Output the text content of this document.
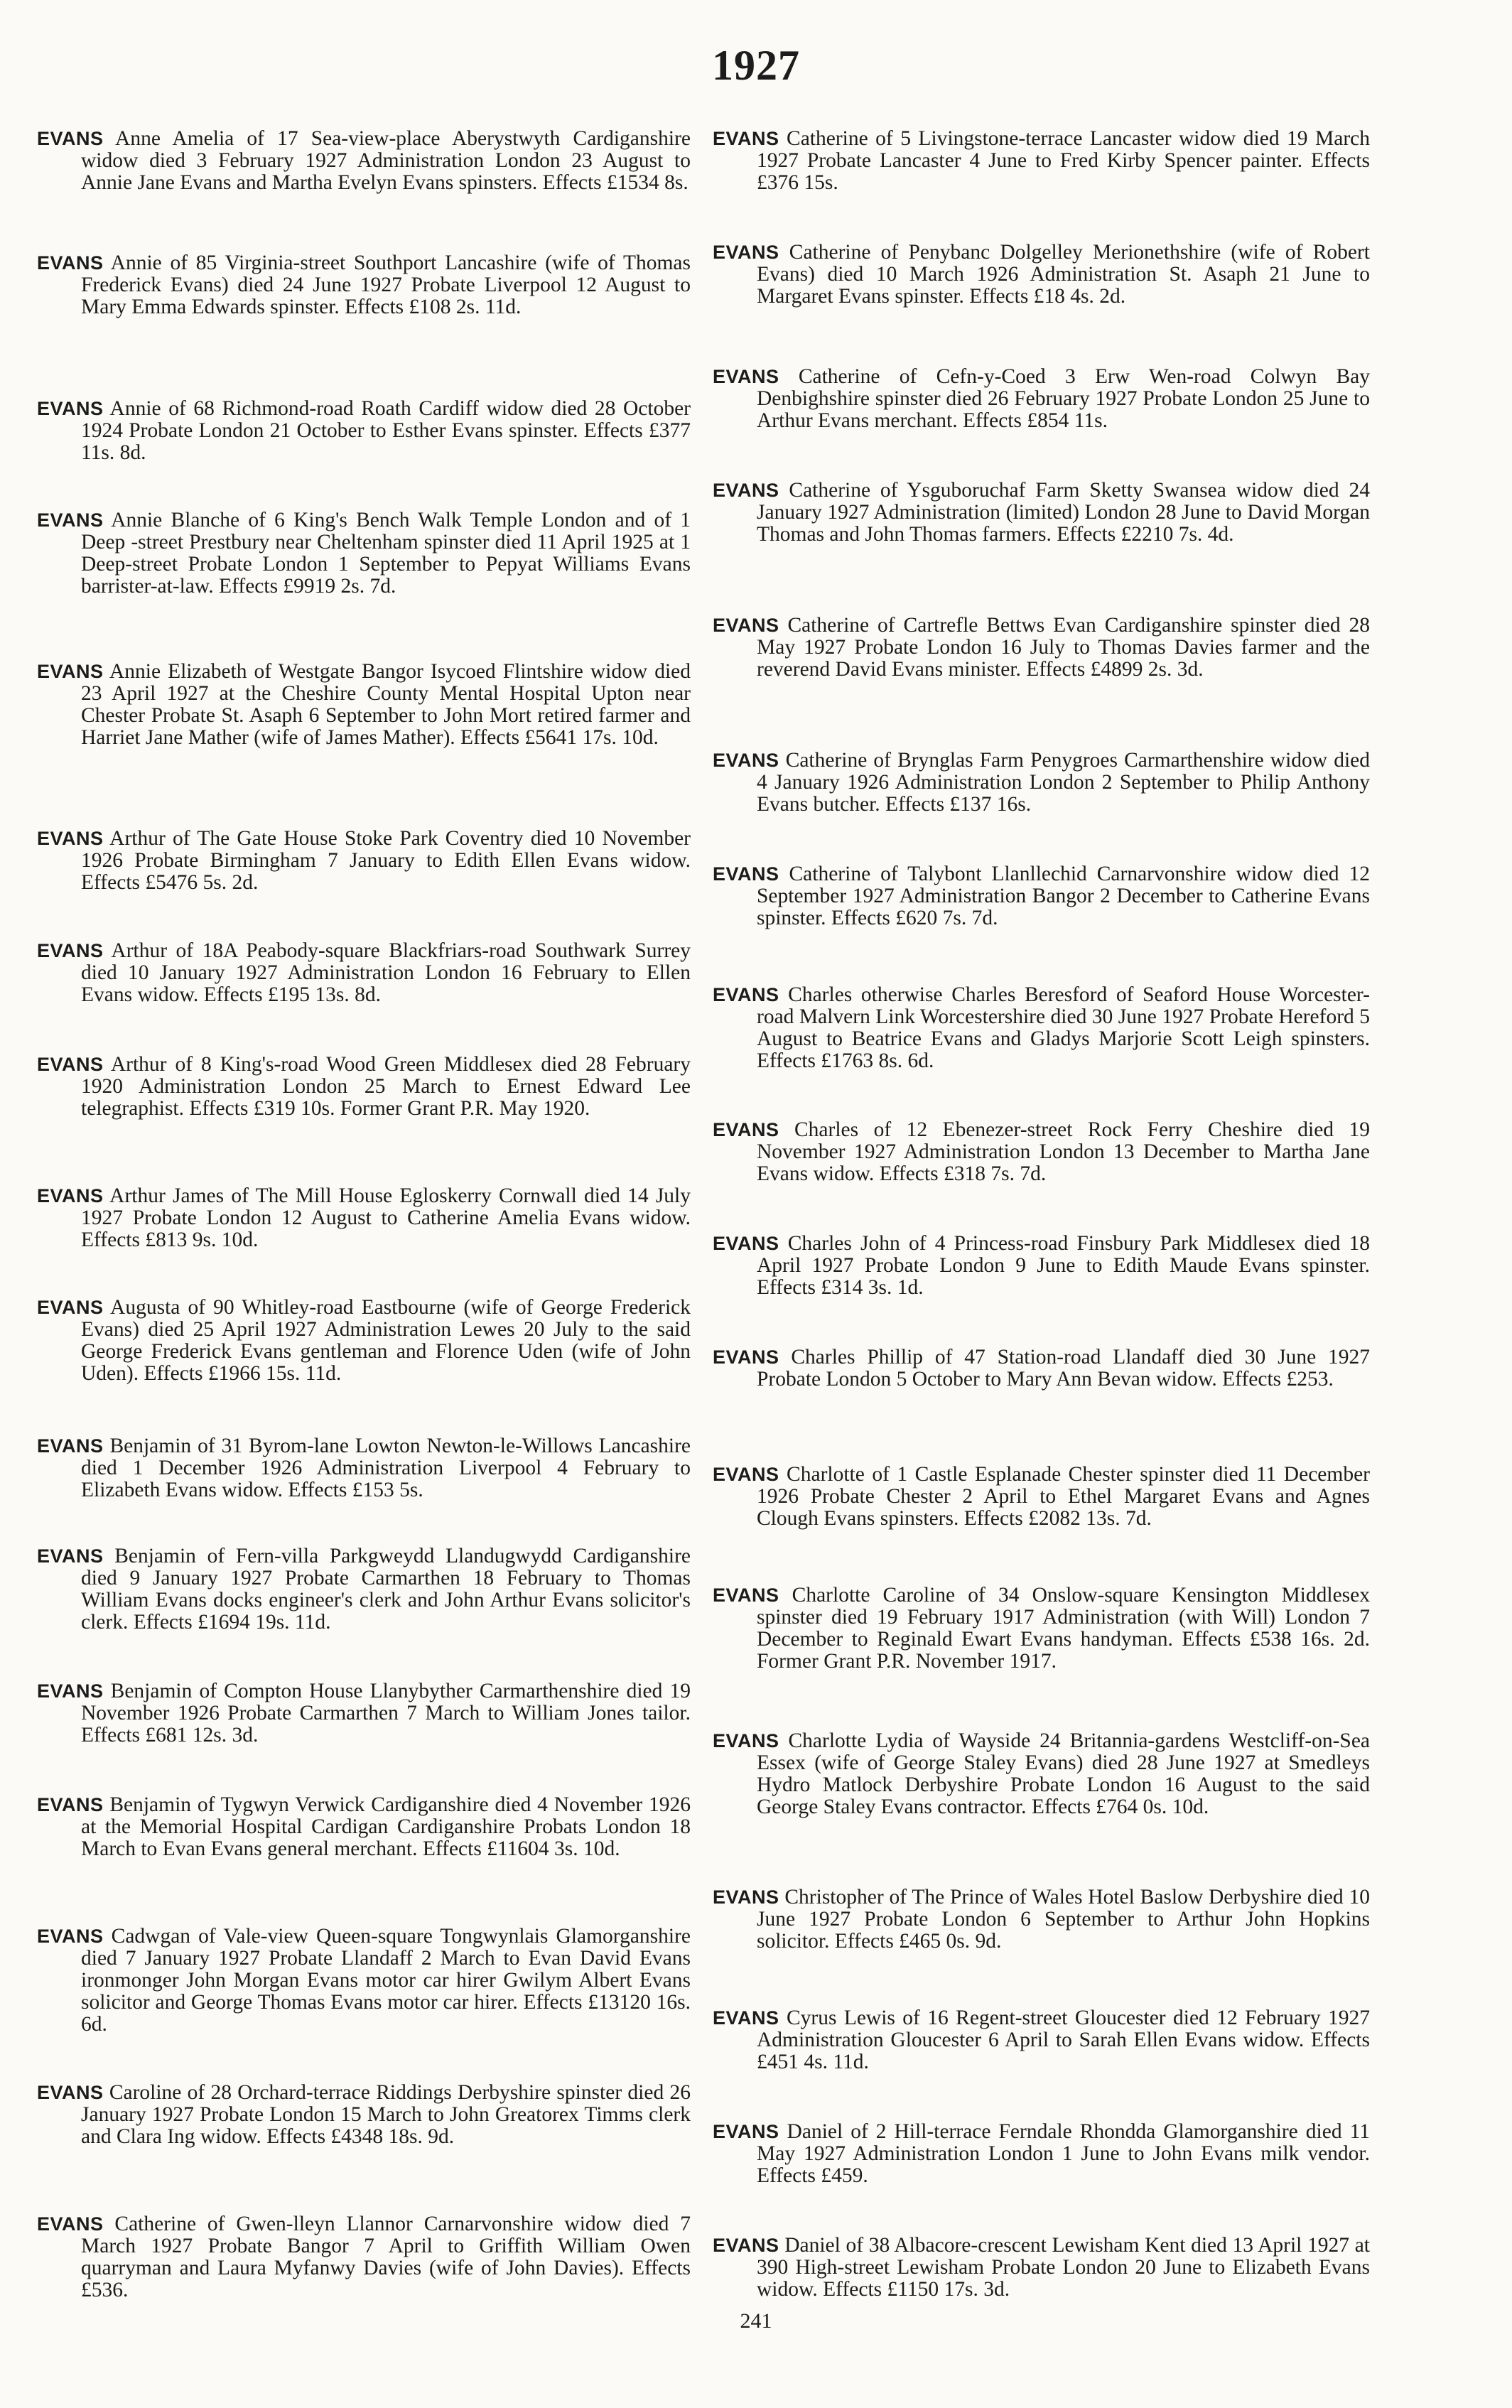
1927

EVANS Anne Amelia of 17 Sea-view-place Aberystwyth Cardiganshire widow died 3 February 1927 Administration London 23 August to Annie Jane Evans and Martha Evelyn Evans spinsters. Effects £1534 8s.

EVANS Annie of 85 Virginia-street Southport Lancashire (wife of Thomas Frederick Evans) died 24 June 1927 Probate Liverpool 12 August to Mary Emma Edwards spinster. Effects £108 2s. 11d.

EVANS Annie of 68 Richmond-road Roath Cardiff widow died 28 October 1924 Probate London 21 October to Esther Evans spinster. Effects £377 11s. 8d.

EVANS Annie Blanche of 6 King's Bench Walk Temple London and of 1 Deep -street Prestbury near Cheltenham spinster died 11 April 1925 at 1 Deep-street Probate London 1 September to Pepyat Williams Evans barrister-at-law. Effects £9919 2s. 7d.

EVANS Annie Elizabeth of Westgate Bangor Isycoed Flintshire widow died 23 April 1927 at the Cheshire County Mental Hospital Upton near Chester Probate St. Asaph 6 September to John Mort retired farmer and Harriet Jane Mather (wife of James Mather). Effects £5641 17s. 10d.

EVANS Arthur of The Gate House Stoke Park Coventry died 10 November 1926 Probate Birmingham 7 January to Edith Ellen Evans widow. Effects £5476 5s. 2d.

EVANS Arthur of 18A Peabody-square Blackfriars-road Southwark Surrey died 10 January 1927 Administration London 16 February to Ellen Evans widow. Effects £195 13s. 8d.

EVANS Arthur of 8 King's-road Wood Green Middlesex died 28 February 1920 Administration London 25 March to Ernest Edward Lee telegraphist. Effects £319 10s. Former Grant P.R. May 1920.

EVANS Arthur James of The Mill House Egloskerry Cornwall died 14 July 1927 Probate London 12 August to Catherine Amelia Evans widow. Effects £813 9s. 10d.

EVANS Augusta of 90 Whitley-road Eastbourne (wife of George Frederick Evans) died 25 April 1927 Administration Lewes 20 July to the said George Frederick Evans gentleman and Florence Uden (wife of John Uden). Effects £1966 15s. 11d.

EVANS Benjamin of 31 Byrom-lane Lowton Newton-le-Willows Lancashire died 1 December 1926 Administration Liverpool 4 February to Elizabeth Evans widow. Effects £153 5s.

EVANS Benjamin of Fern-villa Parkgweydd Llandugwydd Cardiganshire died 9 January 1927 Probate Carmarthen 18 February to Thomas William Evans docks engineer's clerk and John Arthur Evans solicitor's clerk. Effects £1694 19s. 11d.

EVANS Benjamin of Compton House Llanybyther Carmarthenshire died 19 November 1926 Probate Carmarthen 7 March to William Jones tailor. Effects £681 12s. 3d.

EVANS Benjamin of Tygwyn Verwick Cardiganshire died 4 November 1926 at the Memorial Hospital Cardigan Cardiganshire Probats London 18 March to Evan Evans general merchant. Effects £11604 3s. 10d.

EVANS Cadwgan of Vale-view Queen-square Tongwynlais Glamorganshire died 7 January 1927 Probate Llandaff 2 March to Evan David Evans ironmonger John Morgan Evans motor car hirer Gwilym Albert Evans solicitor and George Thomas Evans motor car hirer. Effects £13120 16s. 6d.

EVANS Caroline of 28 Orchard-terrace Riddings Derbyshire spinster died 26 January 1927 Probate London 15 March to John Greatorex Timms clerk and Clara Ing widow. Effects £4348 18s. 9d.

EVANS Catherine of Gwen-lleyn Llannor Carnarvonshire widow died 7 March 1927 Probate Bangor 7 April to Griffith William Owen quarryman and Laura Myfanwy Davies (wife of John Davies). Effects £536.

EVANS Catherine of 5 Livingstone-terrace Lancaster widow died 19 March 1927 Probate Lancaster 4 June to Fred Kirby Spencer painter. Effects £376 15s.

EVANS Catherine of Penybanc Dolgelley Merionethshire (wife of Robert Evans) died 10 March 1926 Administration St. Asaph 21 June to Margaret Evans spinster. Effects £18 4s. 2d.

EVANS Catherine of Cefn-y-Coed 3 Erw Wen-road Colwyn Bay Denbighshire spinster died 26 February 1927 Probate London 25 June to Arthur Evans merchant. Effects £854 11s.

EVANS Catherine of Ysguboruchaf Farm Sketty Swansea widow died 24 January 1927 Administration (limited) London 28 June to David Morgan Thomas and John Thomas farmers. Effects £2210 7s. 4d.

EVANS Catherine of Cartrefle Bettws Evan Cardiganshire spinster died 28 May 1927 Probate London 16 July to Thomas Davies farmer and the reverend David Evans minister. Effects £4899 2s. 3d.

EVANS Catherine of Brynglas Farm Penygroes Carmarthenshire widow died 4 January 1926 Administration London 2 September to Philip Anthony Evans butcher. Effects £137 16s.

EVANS Catherine of Talybont Llanllechid Carnarvonshire widow died 12 September 1927 Administration Bangor 2 December to Catherine Evans spinster. Effects £620 7s. 7d.

EVANS Charles otherwise Charles Beresford of Seaford House Worcester-road Malvern Link Worcestershire died 30 June 1927 Probate Hereford 5 August to Beatrice Evans and Gladys Marjorie Scott Leigh spinsters. Effects £1763 8s. 6d.

EVANS Charles of 12 Ebenezer-street Rock Ferry Cheshire died 19 November 1927 Administration London 13 December to Martha Jane Evans widow. Effects £318 7s. 7d.

EVANS Charles John of 4 Princess-road Finsbury Park Middlesex died 18 April 1927 Probate London 9 June to Edith Maude Evans spinster. Effects £314 3s. 1d.

EVANS Charles Phillip of 47 Station-road Llandaff died 30 June 1927 Probate London 5 October to Mary Ann Bevan widow. Effects £253.

EVANS Charlotte of 1 Castle Esplanade Chester spinster died 11 December 1926 Probate Chester 2 April to Ethel Margaret Evans and Agnes Clough Evans spinsters. Effects £2082 13s. 7d.

EVANS Charlotte Caroline of 34 Onslow-square Kensington Middlesex spinster died 19 February 1917 Administration (with Will) London 7 December to Reginald Ewart Evans handyman. Effects £538 16s. 2d. Former Grant P.R. November 1917.

EVANS Charlotte Lydia of Wayside 24 Britannia-gardens Westcliff-on-Sea Essex (wife of George Staley Evans) died 28 June 1927 at Smedleys Hydro Matlock Derbyshire Probate London 16 August to the said George Staley Evans contractor. Effects £764 0s. 10d.

EVANS Christopher of The Prince of Wales Hotel Baslow Derbyshire died 10 June 1927 Probate London 6 September to Arthur John Hopkins solicitor. Effects £465 0s. 9d.

EVANS Cyrus Lewis of 16 Regent-street Gloucester died 12 February 1927 Administration Gloucester 6 April to Sarah Ellen Evans widow. Effects £451 4s. 11d.

EVANS Daniel of 2 Hill-terrace Ferndale Rhondda Glamorganshire died 11 May 1927 Administration London 1 June to John Evans milk vendor. Effects £459.

EVANS Daniel of 38 Albacore-crescent Lewisham Kent died 13 April 1927 at 390 High-street Lewisham Probate London 20 June to Elizabeth Evans widow. Effects £1150 17s. 3d.

241
